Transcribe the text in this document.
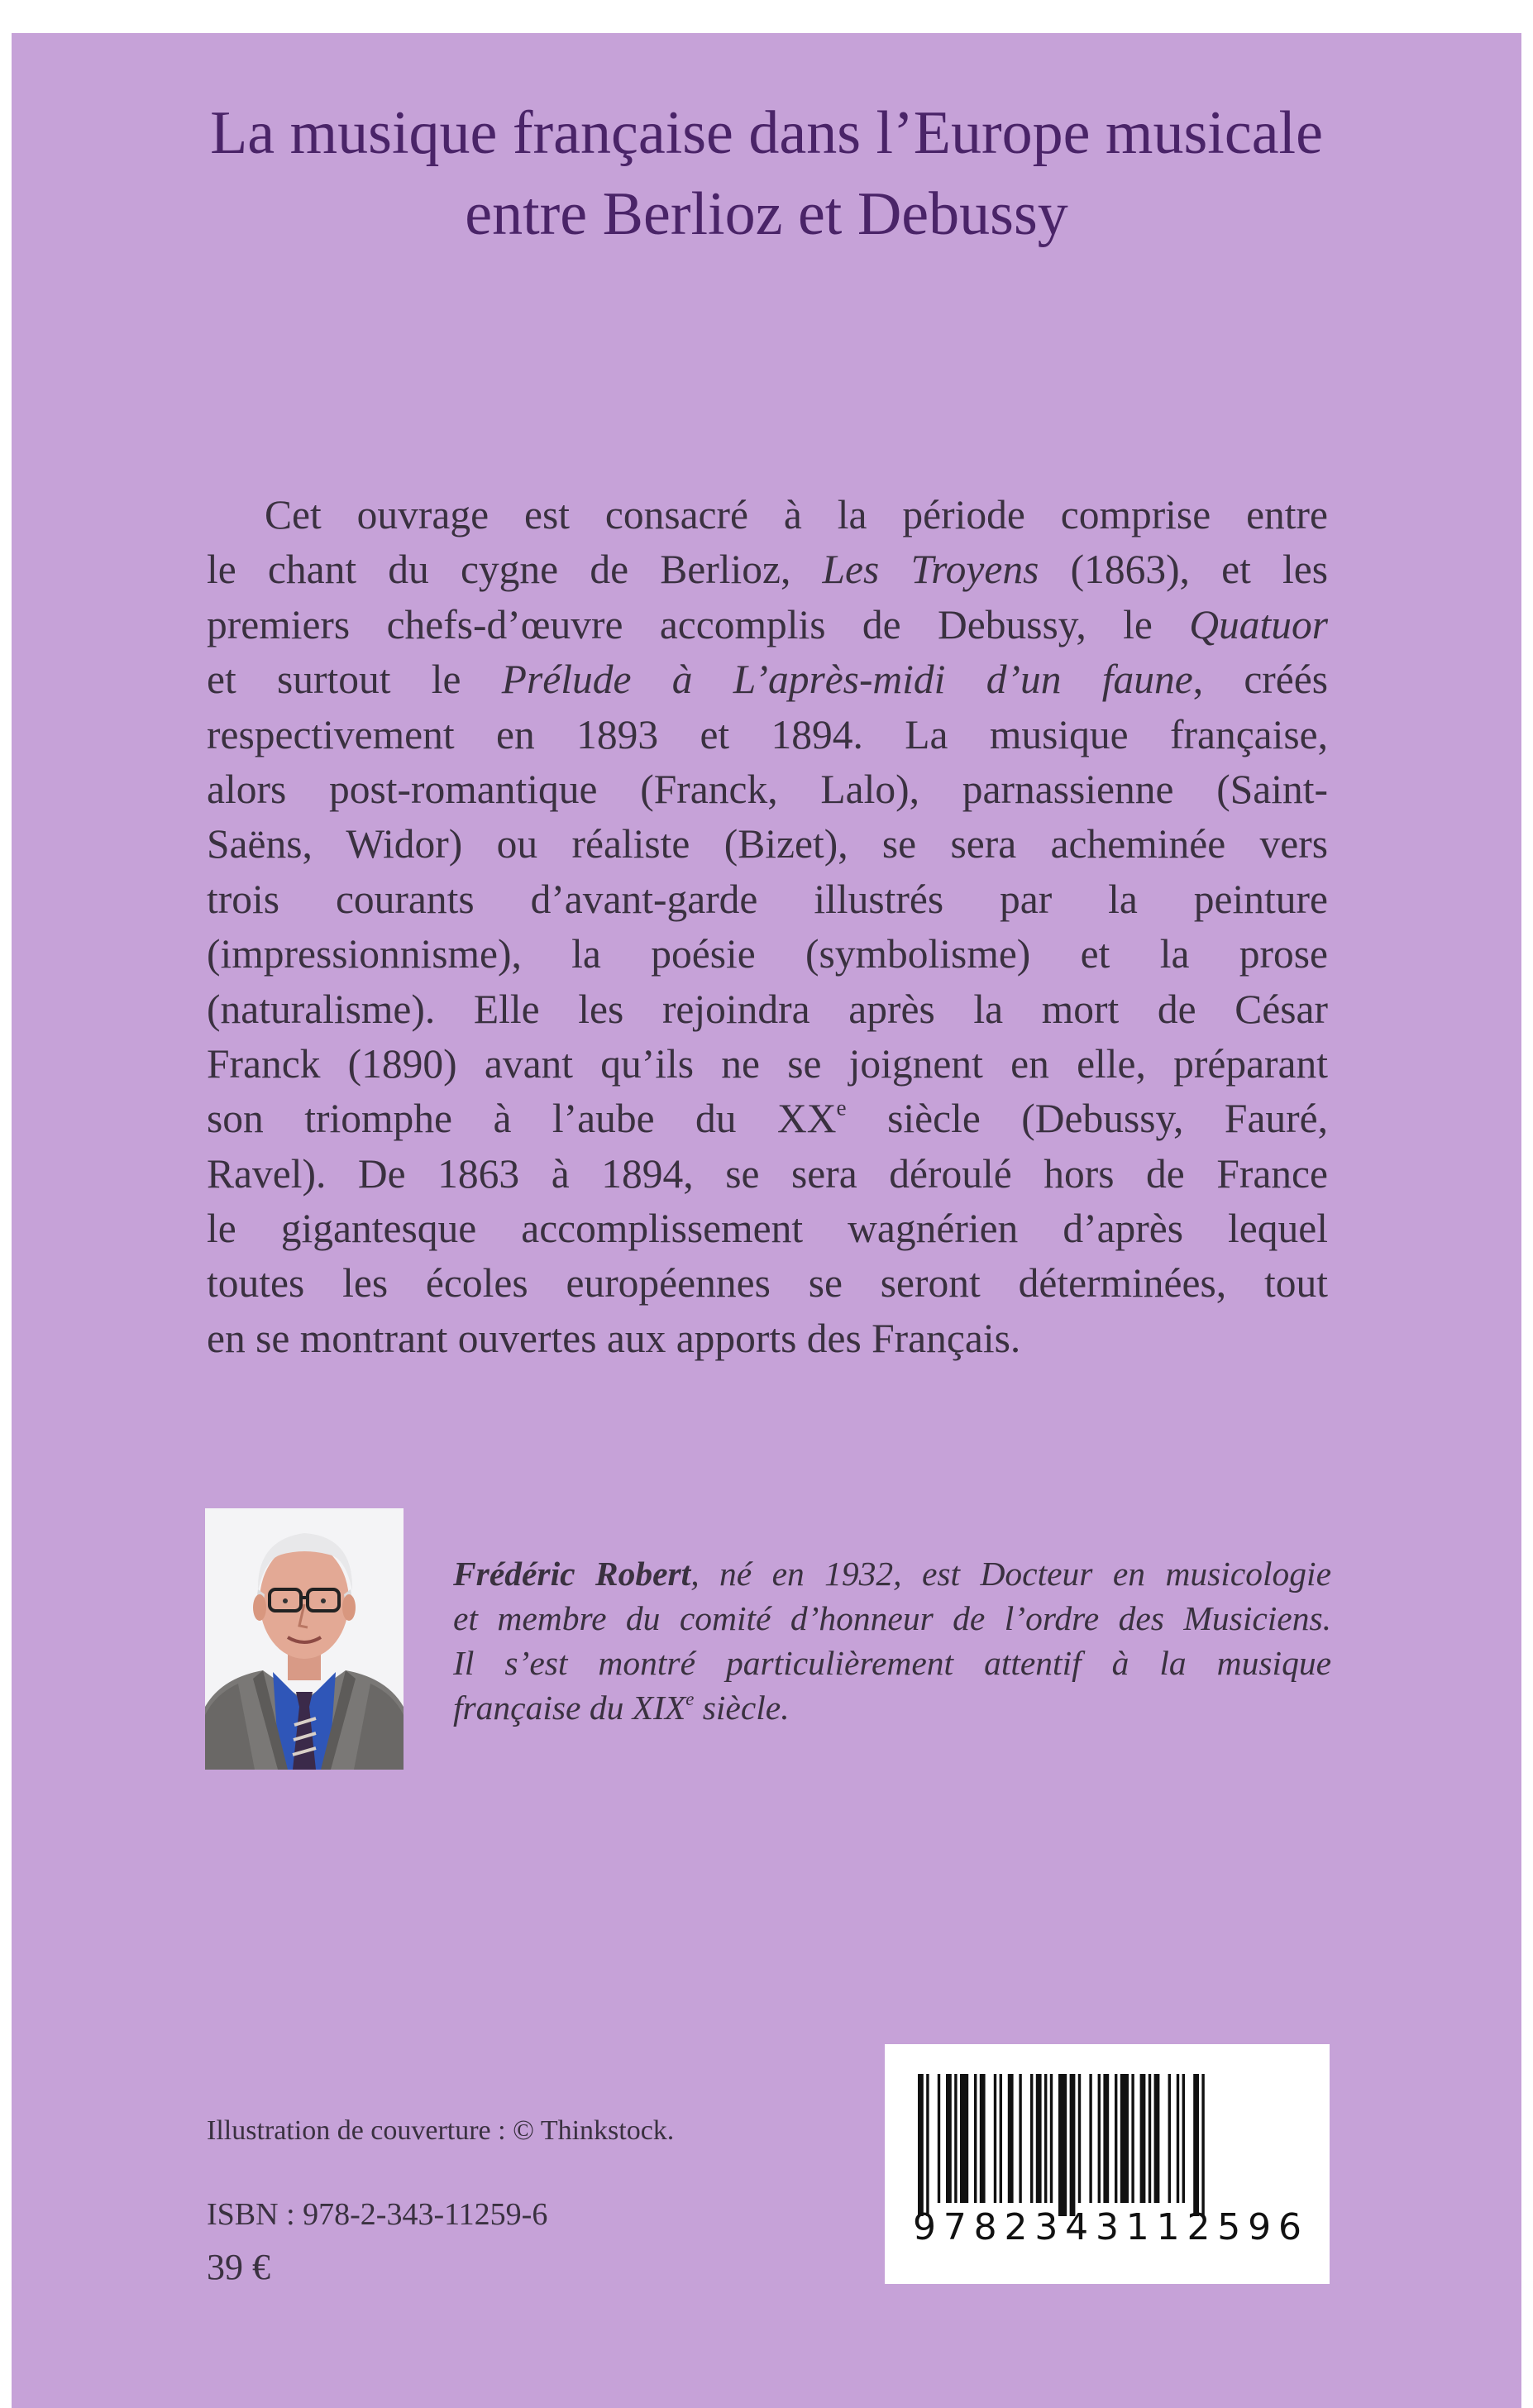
La musique française dans l’Europe musicale
entre Berlioz et Debussy
Cet ouvrage est consacré à la période comprise entre
le chant du cygne de Berlioz, Les Troyens (1863), et les
premiers chefs-d’œuvre accomplis de Debussy, le Quatuor
et surtout le Prélude à L’après-midi d’un faune, créés
respectivement en 1893 et 1894. La musique française,
alors post-romantique (Franck, Lalo), parnassienne (Saint-
Saëns, Widor) ou réaliste (Bizet), se sera acheminée vers
trois courants d’avant-garde illustrés par la peinture
(impressionnisme), la poésie (symbolisme) et la prose
(naturalisme). Elle les rejoindra après la mort de César
Franck (1890) avant qu’ils ne se joignent en elle, préparant
son triomphe à l’aube du XXe siècle (Debussy, Fauré,
Ravel). De 1863 à 1894, se sera déroulé hors de France
le gigantesque accomplissement wagnérien d’après lequel
toutes les écoles européennes se seront déterminées, tout
en se montrant ouvertes aux apports des Français.
Frédéric Robert, né en 1932, est Docteur en musicologie
et membre du comité d’honneur de l’ordre des Musiciens.
Il s’est montré particulièrement attentif à la musique
française du XIXe siècle.
Illustration de couverture : © Thinkstock.
ISBN : 978-2-343-11259-6
39 €
9 7 8 2 3 4 3 1 1 2 5 9 6
